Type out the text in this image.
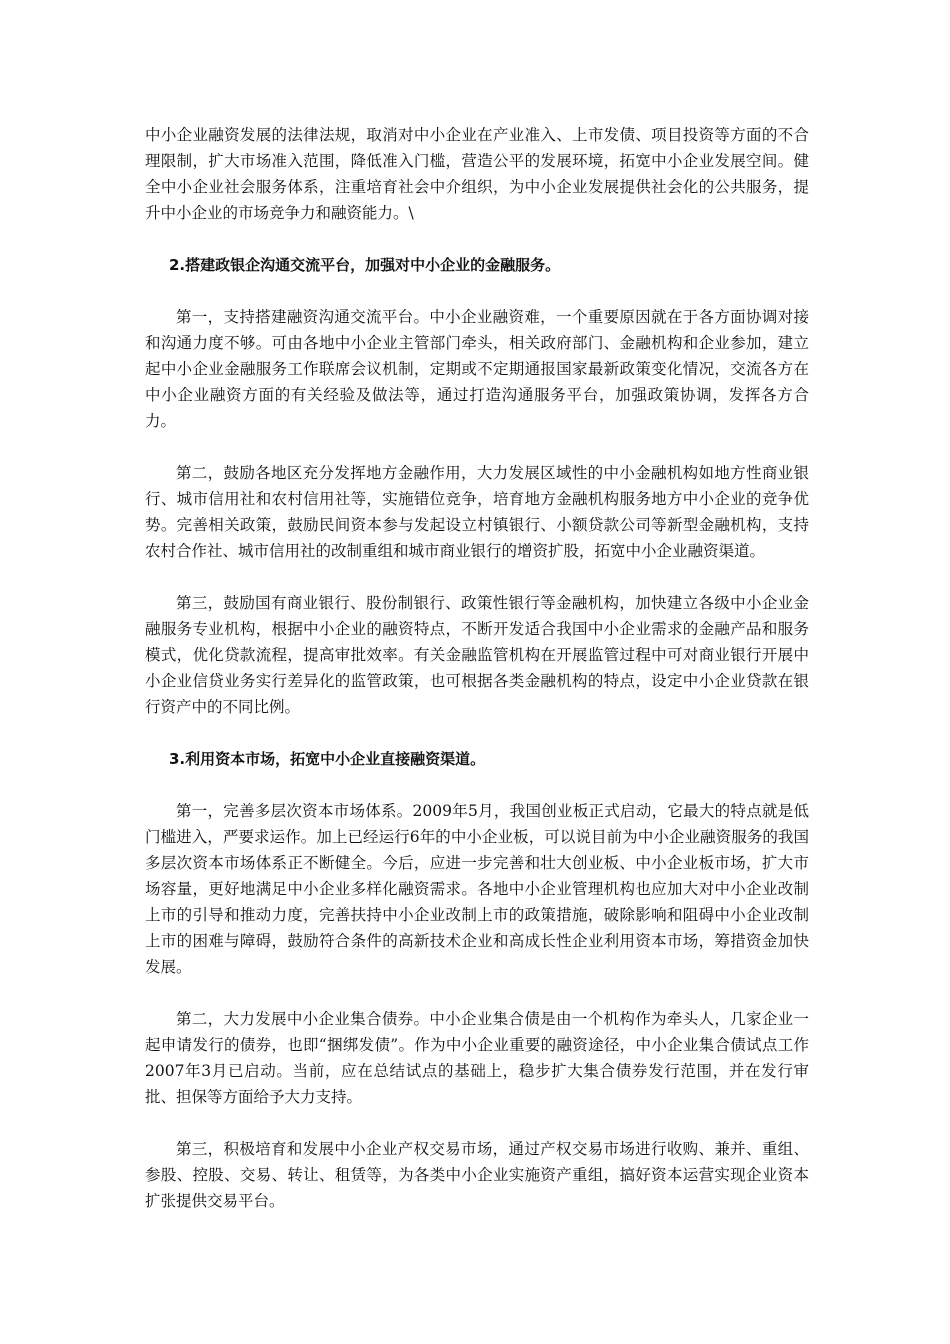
中小企业融资发展的法律法规，取消对中小企业在产业准入、上市发债、项目投资等方面的不合理限制，扩大市场准入范围，降低准入门槛，营造公平的发展环境，拓宽中小企业发展空间。健全中小企业社会服务体系，注重培育社会中介组织，为中小企业发展提供社会化的公共服务，提升中小企业的市场竞争力和融资能力。\

2.搭建政银企沟通交流平台，加强对中小企业的金融服务。

第一，支持搭建融资沟通交流平台。中小企业融资难，一个重要原因就在于各方面协调对接和沟通力度不够。可由各地中小企业主管部门牵头，相关政府部门、金融机构和企业参加，建立起中小企业金融服务工作联席会议机制，定期或不定期通报国家最新政策变化情况，交流各方在中小企业融资方面的有关经验及做法等，通过打造沟通服务平台，加强政策协调，发挥各方合力。

第二，鼓励各地区充分发挥地方金融作用，大力发展区域性的中小金融机构如地方性商业银行、城市信用社和农村信用社等，实施错位竞争，培育地方金融机构服务地方中小企业的竞争优势。完善相关政策，鼓励民间资本参与发起设立村镇银行、小额贷款公司等新型金融机构，支持农村合作社、城市信用社的改制重组和城市商业银行的增资扩股，拓宽中小企业融资渠道。

第三，鼓励国有商业银行、股份制银行、政策性银行等金融机构，加快建立各级中小企业金融服务专业机构，根据中小企业的融资特点，不断开发适合我国中小企业需求的金融产品和服务模式，优化贷款流程，提高审批效率。有关金融监管机构在开展监管过程中可对商业银行开展中小企业信贷业务实行差异化的监管政策，也可根据各类金融机构的特点，设定中小企业贷款在银行资产中的不同比例。

3.利用资本市场，拓宽中小企业直接融资渠道。

第一，完善多层次资本市场体系。2009年5月，我国创业板正式启动，它最大的特点就是低门槛进入，严要求运作。加上已经运行6年的中小企业板，可以说目前为中小企业融资服务的我国多层次资本市场体系正不断健全。今后，应进一步完善和壮大创业板、中小企业板市场，扩大市场容量，更好地满足中小企业多样化融资需求。各地中小企业管理机构也应加大对中小企业改制上市的引导和推动力度，完善扶持中小企业改制上市的政策措施，破除影响和阻碍中小企业改制上市的困难与障碍，鼓励符合条件的高新技术企业和高成长性企业利用资本市场，筹措资金加快发展。

第二，大力发展中小企业集合债券。中小企业集合债是由一个机构作为牵头人，几家企业一起申请发行的债券，也即“捆绑发债”。作为中小企业重要的融资途径，中小企业集合债试点工作2007年3月已启动。当前，应在总结试点的基础上，稳步扩大集合债券发行范围，并在发行审批、担保等方面给予大力支持。

第三，积极培育和发展中小企业产权交易市场，通过产权交易市场进行收购、兼并、重组、参股、控股、交易、转让、租赁等，为各类中小企业实施资产重组，搞好资本运营实现企业资本扩张提供交易平台。
